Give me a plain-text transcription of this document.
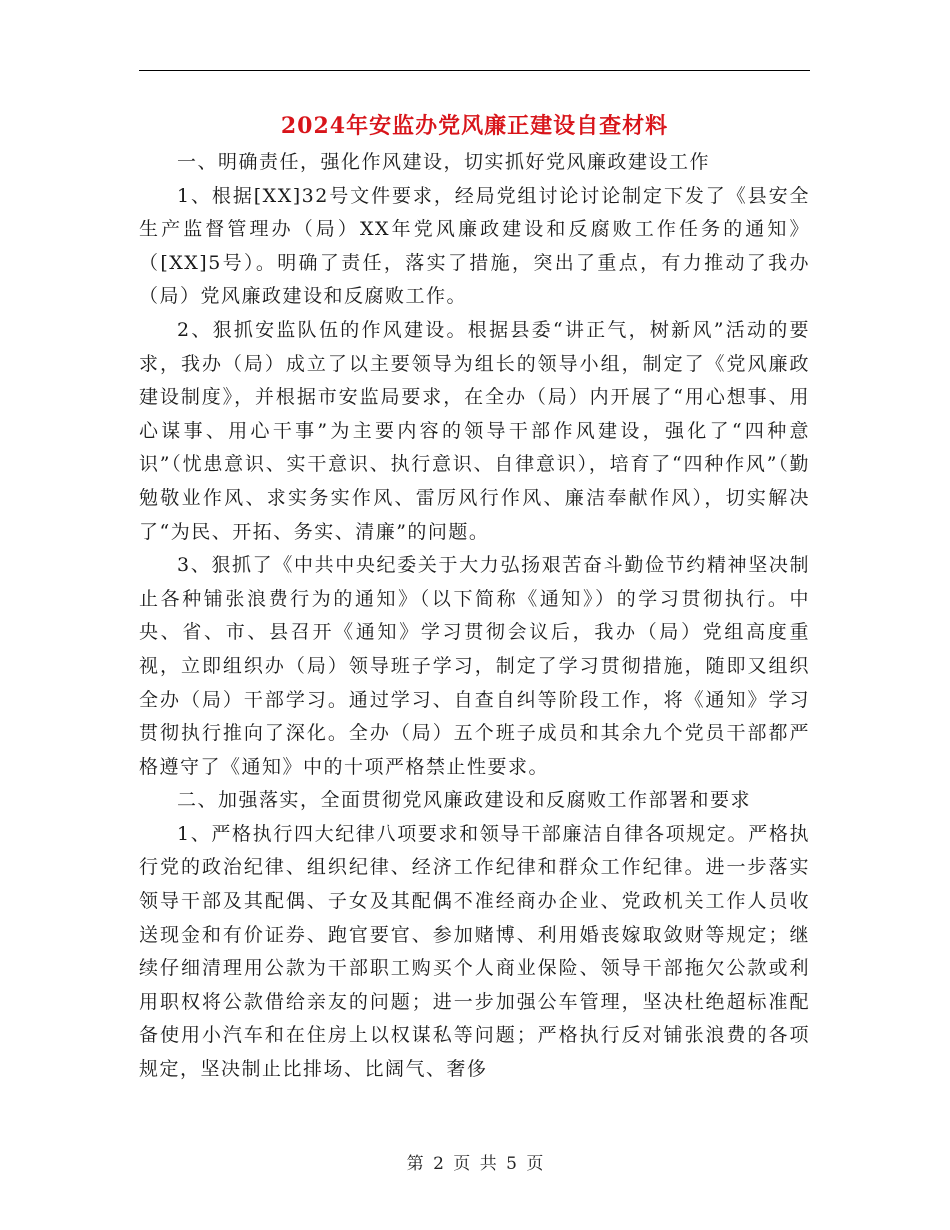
2024年安监办党风廉正建设自查材料

一、明确责任，强化作风建设，切实抓好党风廉政建设工作

1、根据[XX]32号文件要求，经局党组讨论讨论制定下发了《县安全生产监督管理办（局）XX年党风廉政建设和反腐败工作任务的通知》（[XX]5号）。明确了责任，落实了措施，突出了重点，有力推动了我办（局）党风廉政建设和反腐败工作。

2、狠抓安监队伍的作风建设。根据县委“讲正气，树新风”活动的要求，我办（局）成立了以主要领导为组长的领导小组，制定了《党风廉政建设制度》，并根据市安监局要求，在全办（局）内开展了“用心想事、用心谋事、用心干事”为主要内容的领导干部作风建设，强化了“四种意识”（忧患意识、实干意识、执行意识、自律意识），培育了“四种作风”（勤勉敬业作风、求实务实作风、雷厉风行作风、廉洁奉献作风），切实解决了“为民、开拓、务实、清廉”的问题。

3、狠抓了《中共中央纪委关于大力弘扬艰苦奋斗勤俭节约精神坚决制止各种铺张浪费行为的通知》（以下简称《通知》）的学习贯彻执行。中央、省、市、县召开《通知》学习贯彻会议后，我办（局）党组高度重视，立即组织办（局）领导班子学习，制定了学习贯彻措施，随即又组织全办（局）干部学习。通过学习、自查自纠等阶段工作，将《通知》学习贯彻执行推向了深化。全办（局）五个班子成员和其余九个党员干部都严格遵守了《通知》中的十项严格禁止性要求。

二、加强落实，全面贯彻党风廉政建设和反腐败工作部署和要求

1、严格执行四大纪律八项要求和领导干部廉洁自律各项规定。严格执行党的政治纪律、组织纪律、经济工作纪律和群众工作纪律。进一步落实领导干部及其配偶、子女及其配偶不准经商办企业、党政机关工作人员收送现金和有价证券、跑官要官、参加赌博、利用婚丧嫁取敛财等规定；继续仔细清理用公款为干部职工购买个人商业保险、领导干部拖欠公款或利用职权将公款借给亲友的问题；进一步加强公车管理，坚决杜绝超标准配备使用小汽车和在住房上以权谋私等问题；严格执行反对铺张浪费的各项规定，坚决制止比排场、比阔气、奢侈

第 2 页 共 5 页
